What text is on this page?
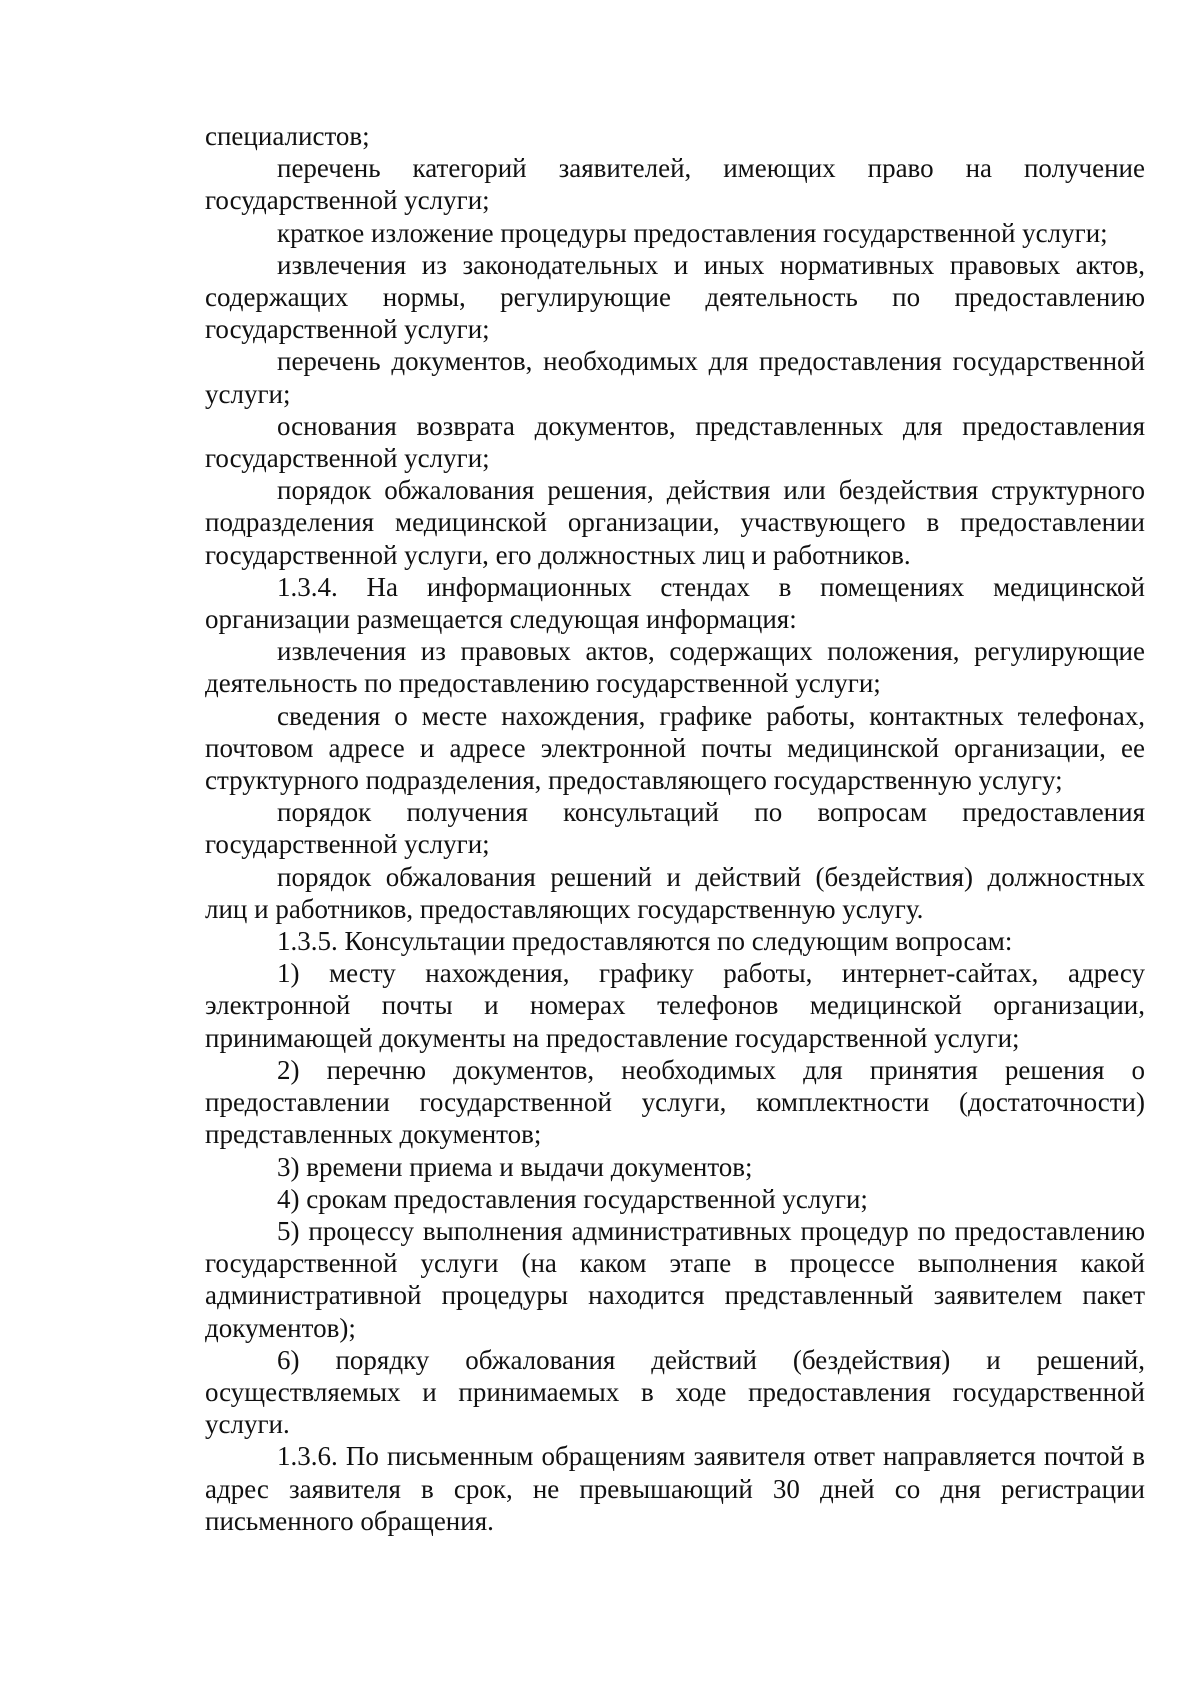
специалистов;

перечень категорий заявителей, имеющих право на получение государственной услуги;

краткое изложение процедуры предоставления государственной услуги;

извлечения из законодательных и иных нормативных правовых актов, содержащих нормы, регулирующие деятельность по предоставлению государственной услуги;

перечень документов, необходимых для предоставления государственной услуги;

основания возврата документов, представленных для предоставления государственной услуги;

порядок обжалования решения, действия или бездействия структурного подразделения медицинской организации, участвующего в предоставлении государственной услуги, его должностных лиц и работников.

1.3.4. На информационных стендах в помещениях медицинской организации размещается следующая информация:

извлечения из правовых актов, содержащих положения, регулирующие деятельность по предоставлению государственной услуги;

сведения о месте нахождения, графике работы, контактных телефонах, почтовом адресе и адресе электронной почты медицинской организации, ее структурного подразделения, предоставляющего государственную услугу;

порядок получения консультаций по вопросам предоставления государственной услуги;

порядок обжалования решений и действий (бездействия) должностных лиц и работников, предоставляющих государственную услугу.

1.3.5. Консультации предоставляются по следующим вопросам:

1) месту нахождения, графику работы, интернет-сайтах, адресу электронной почты и номерах телефонов медицинской организации, принимающей документы на предоставление государственной услуги;

2) перечню документов, необходимых для принятия решения о предоставлении государственной услуги, комплектности (достаточности) представленных документов;

3) времени приема и выдачи документов;

4) срокам предоставления государственной услуги;

5) процессу выполнения административных процедур по предоставлению государственной услуги (на каком этапе в процессе выполнения какой административной процедуры находится представленный заявителем пакет документов);

6) порядку обжалования действий (бездействия) и решений, осуществляемых и принимаемых в ходе предоставления государственной услуги.

1.3.6. По письменным обращениям заявителя ответ направляется почтой в адрес заявителя в срок, не превышающий 30 дней со дня регистрации письменного обращения.
